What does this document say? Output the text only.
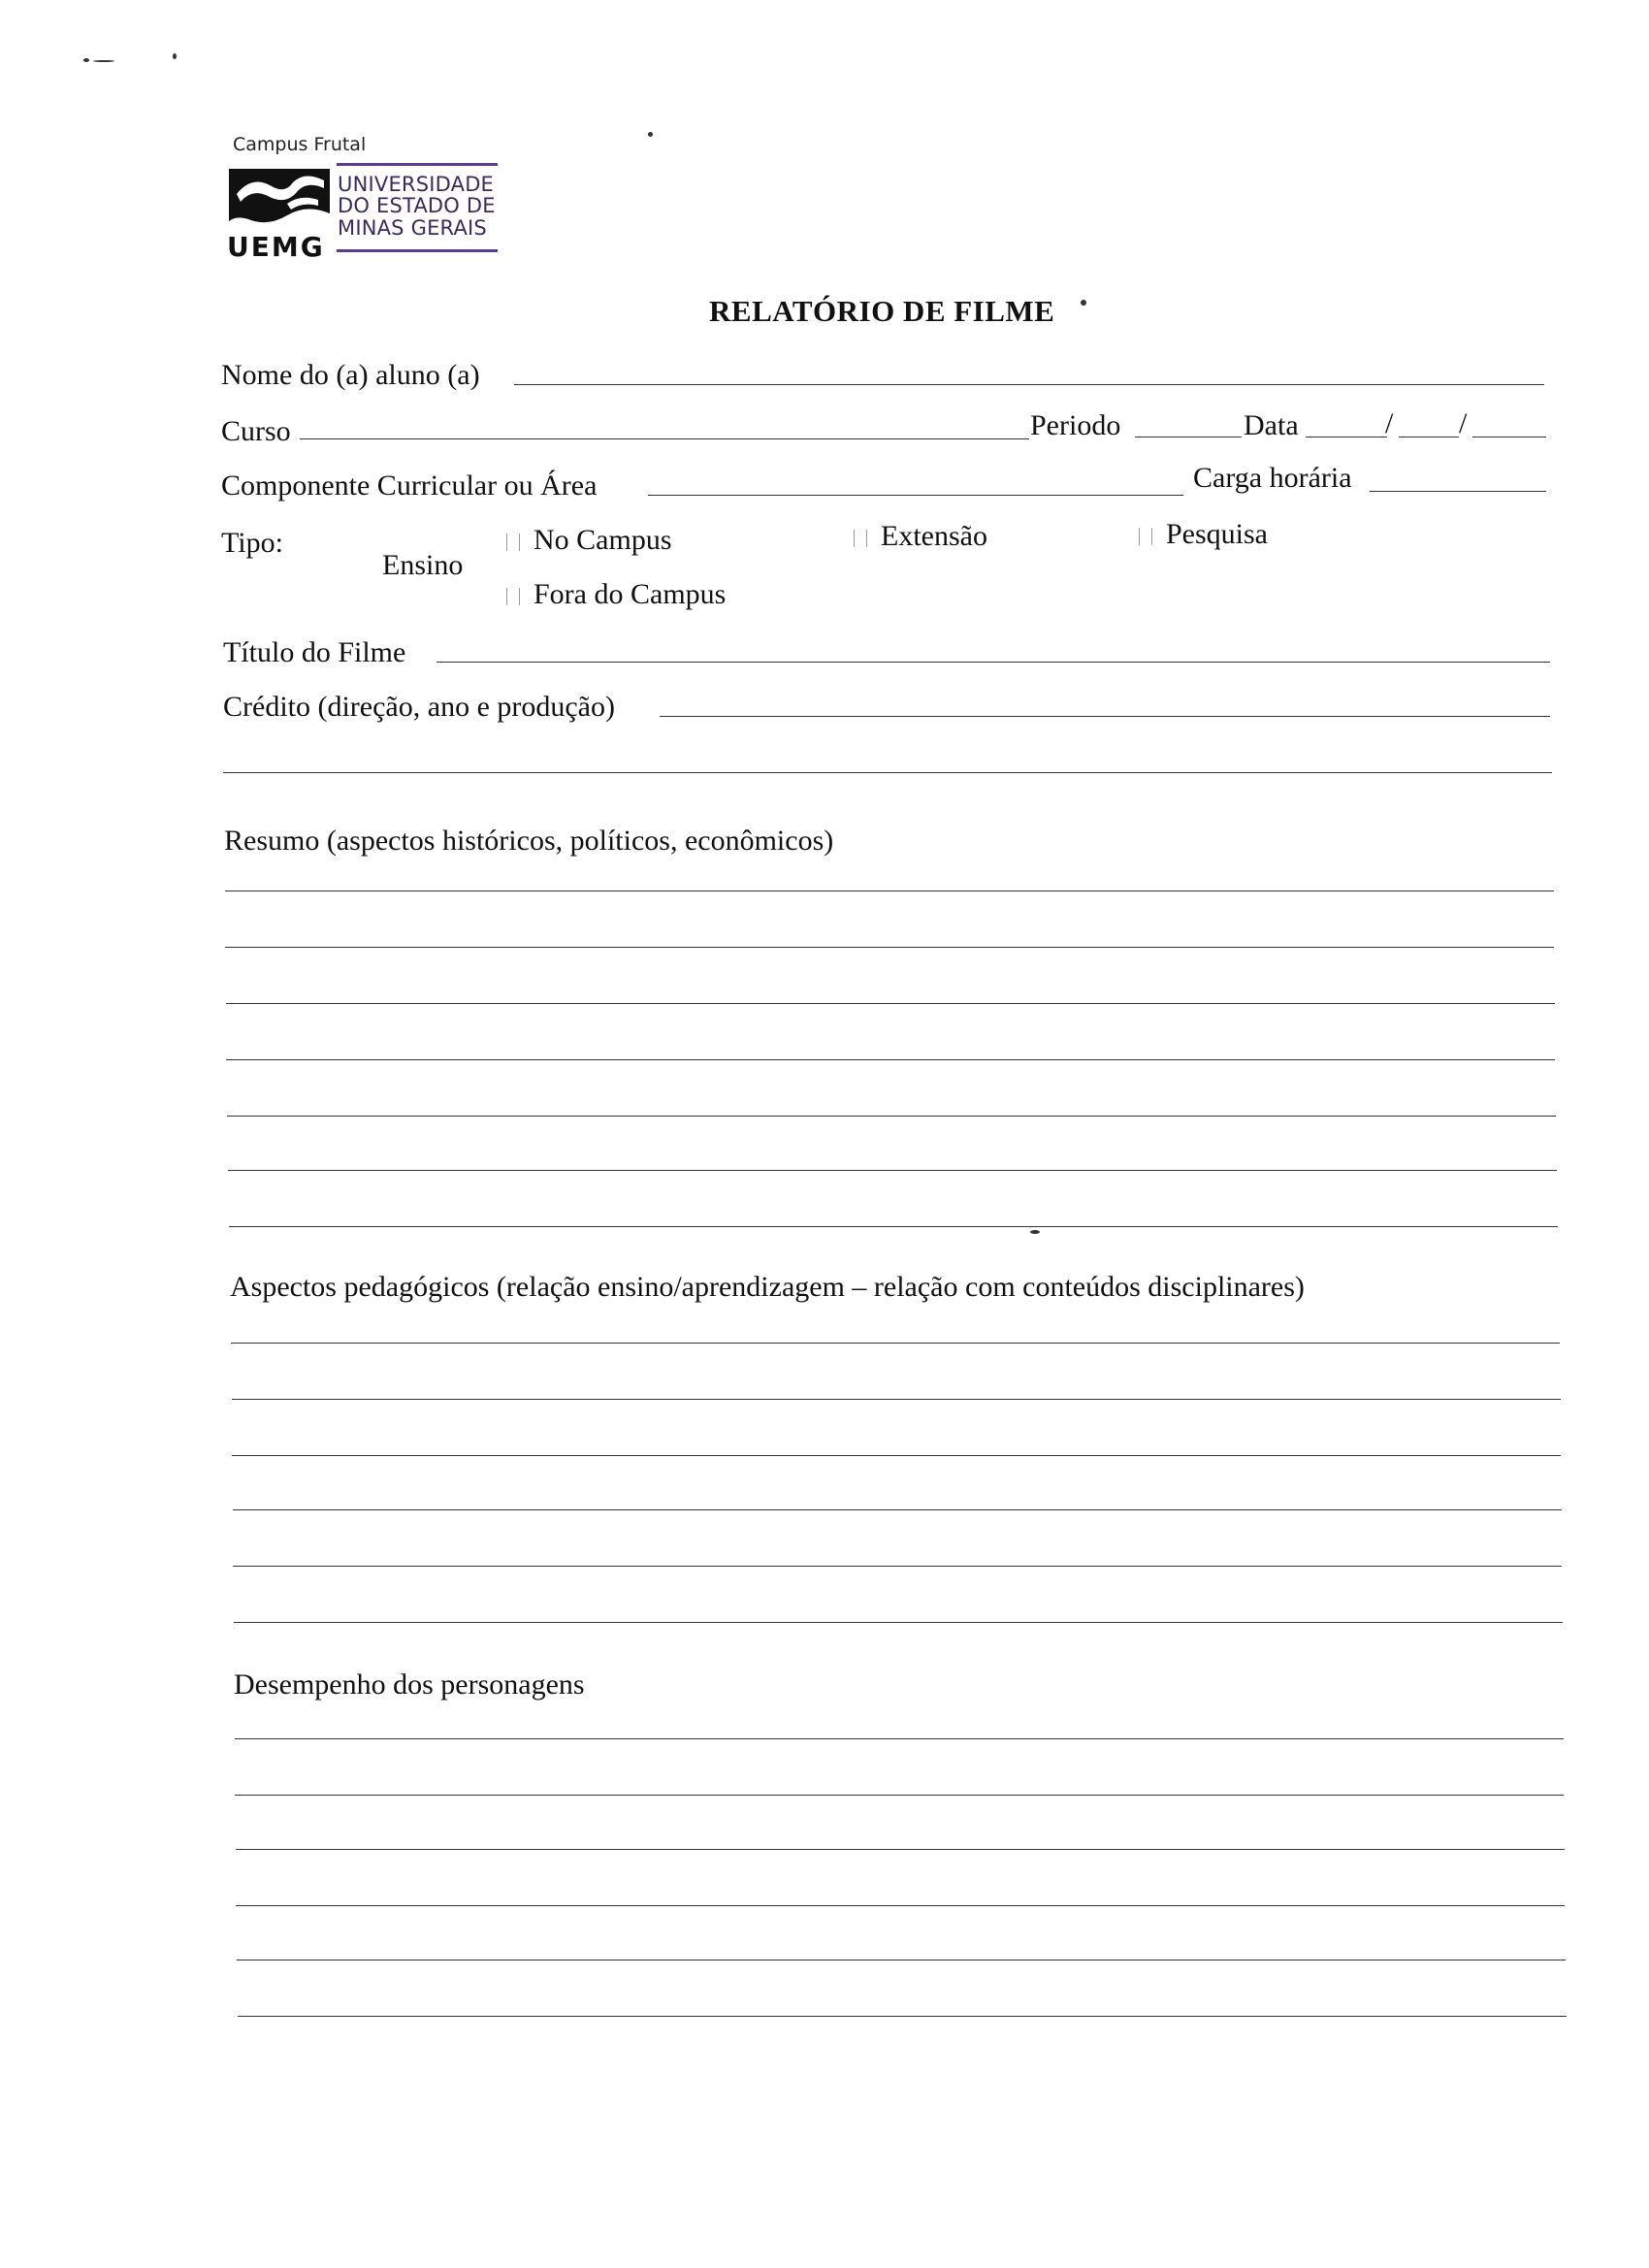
Campus Frutal
UNIVERSIDADE
DO ESTADO DE
MINAS GERAIS
UEMG
RELATÓRIO DE FILME
Nome do (a) aluno (a)
Curso	Periodo	Data	/ /
Componente Curricular ou Área	Carga horária
Tipo:
Ensino
No Campus
Fora do Campus
Extensão	Pesquisa
Título do Filme
Crédito (direção, ano e produção)
Resumo (aspectos históricos, políticos, econômicos)
Aspectos pedagógicos (relação ensino/aprendizagem – relação com conteúdos disciplinares)
Desempenho dos personagens
